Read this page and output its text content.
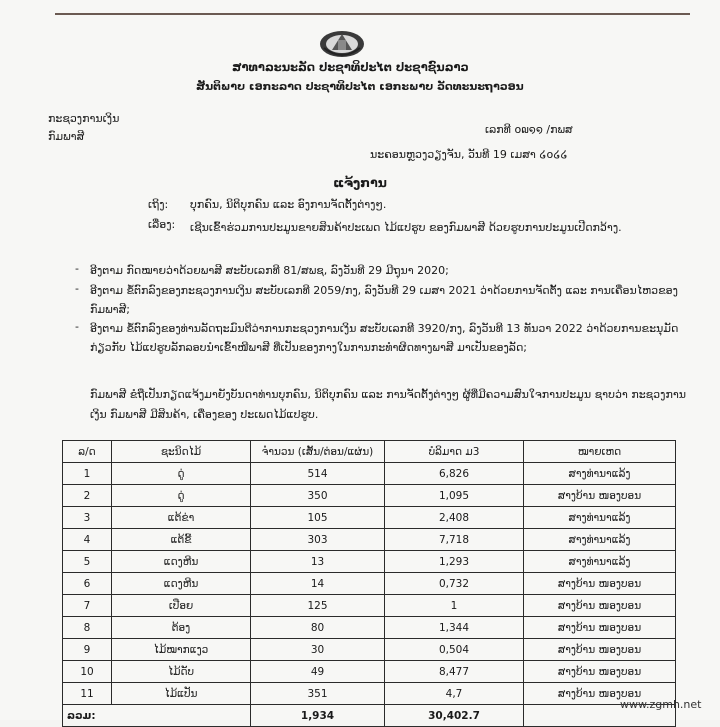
ສາທາລະນະລັດ ປະຊາທິປະໄຕ ປະຊາຊົນລາວ
ສັນຕິພາບ ເອກະລາດ ປະຊາທິປະໄຕ ເອກະພາບ ວັດທະນະຖາວອນ
ກະຊວງການເງິນ
ກົມພາສີ
ເລກທີ ໐໙໑໑ /ກພສ
ນະຄອນຫຼວງວຽງຈັນ, ວັນທີ 19 ເມສາ ໒໐໒໒
ແຈ້ງການ
ເຖິງ: ບຸກຄົນ, ນິຕິບຸກຄົນ ແລະ ອົງການຈັດຕັ້ງຕ່າງໆ.
ເລື່ອງ: ເຊີນເຂົ້າຮ່ວມການປະມູນຂາຍສິນຄ້າປະເພດ ໄມ້ແປຮູບ ຂອງກົມພາສີ ດ້ວຍຮູບການປະມູນເປີດກວ້າງ.
- ອີງຕາມ ກົດໝາຍວ່າດ້ວຍພາສີ ສະບັບເລກທີ 81/ສພຊ, ລົງວັນທີ 29 ມີຖຸນາ 2020;
- ອີງຕາມ ຂໍ້ຕົກລົງຂອງກະຊວງການເງິນ ສະບັບເລກທີ 2059/ກງ, ລົງວັນທີ 29 ເມສາ 2021 ວ່າດ້ວຍການຈັດຕັ້ງ ແລະ ການເຄື່ອນໄຫວຂອງກົມພາສີ;
- ອີງຕາມ ຂໍ້ຕົກລົງຂອງທ່ານລັດຖະມົນຕີວ່າການກະຊວງການເງິນ ສະບັບເລກທີ 3920/ກງ, ລົງວັນທີ 13 ທັນວາ 2022 ວ່າດ້ວຍການຂະນຸມັດກ່ຽວກັບ ໄມ້ແປຮູບລັກລອບນໍາເຂົ້າໜີພາສີ ທີ່ເປັນຂອງກາງໃນການກະທໍາຜິດທາງພາສີ ມາເປັນຂອງລັດ;
ກົມພາສີ ຂໍຖືເປັນກຽດແຈ້ງມາຍັງບັນດາທ່ານບຸກຄົນ, ນິຕິບຸກຄົນ ແລະ ການຈັດຕັ້ງຕ່າງໆ ຜູ້ທີ່ມີຄວາມສົນໃຈການປະມູນ ຊາບວ່າ ກະຊວງການເງິນ ກົມພາສີ ມີສິນຄ້າ, ເຄື່ອງຂອງ ປະເພດໄມ້ແປຮູບ.
ລ/ດ	ຊະນິດໄມ້	ຈໍານວນ (ເສັ້ນ/ຕ່ອນ/ແຜ່ນ)	ບໍລິມາດ ມ3	ໝາຍເຫດ
1	ດູ່	514	6,826	ສາງທ່ານາແລ້ງ
2	ດູ່	350	1,095	ສາງບ້ານ ໜອງບອນ
3	ແຕ້ຂ່າ	105	2,408	ສາງທ່ານາແລ້ງ
4	ແຕ້ຂີ້	303	7,718	ສາງທ່ານາແລ້ງ
5	ແດງຫີນ	13	1,293	ສາງທ່ານາແລ້ງ
6	ແດງຫີນ	14	0,732	ສາງບ້ານ ໜອງບອນ
7	ເປືອຍ	125	1	ສາງບ້ານ ໜອງບອນ
8	ຕ້ອງ	80	1,344	ສາງບ້ານ ໜອງບອນ
9	ໄມ້ໝາກແງວ	30	0,504	ສາງບ້ານ ໜອງບອນ
10	ໄມ້ດັບ	49	8,477	ສາງບ້ານ ໜອງບອນ
11	ໄມ້ແປັນ	351	4,7	ສາງບ້ານ ໜອງບອນ
ລວມ:		1,934	30,402.7	
www.zgmh.net
